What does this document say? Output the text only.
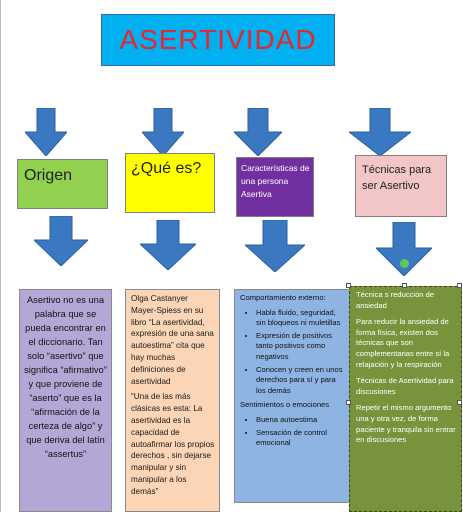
ASERTIVIDAD
Origen	¿Qué es?	Características de una persona Asertiva
Técnicas para ser Asertivo

Asertivo no es una palabra que se pueda encontrar en el diccionario. Tan solo “asertivo” que significa “afirmativo” y que proviene de “aserto” que es la “afirmación de la certeza de algo” y que deriva del latín “assertus”

Olga Castanyer Mayer-Spiess en su libro “La asertividad, expresión de una sana autoestima” cita que hay muchas definiciones de asertividad

“Una de las más clásicas es esta: La asertividad es la capacidad de autoafirmar los propios derechos , sin dejarse manipular y sin manipular a los demás”

Comportamiento externo:

• Habla fluido, seguridad, sin bloqueos ni muletillas
• Expresión de positivos tanto positivos como negativos
• Conocen y creen en unos derechos para sí y para los demás

Sentimientos o emociones

• Buena autoestima
• Sensación de control emocional

Técnica s reducción de ansiedad

Para reducir la ansiedad de forma física, existen dos técnicas que son complementarias entre sí la relajación y la respiración

Técnicas de Asertividad para discusiones

Repetir el mismo argumento una y otra vez, de forma paciente y tranquila sin entrar en discusiones
